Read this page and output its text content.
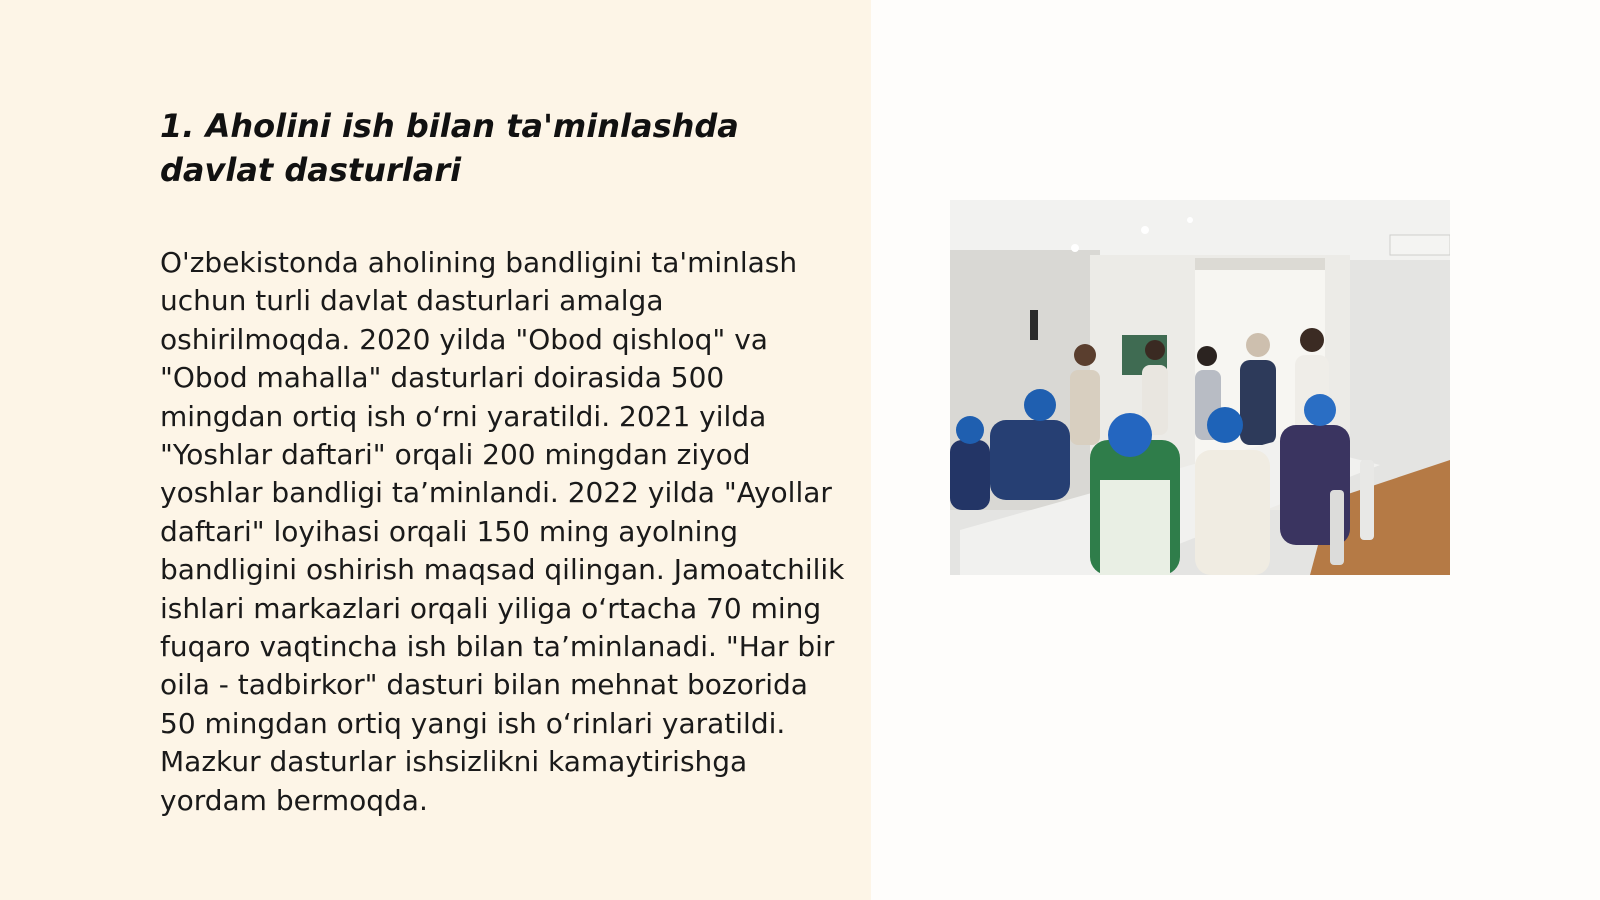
1. Aholini ish bilan ta'minlashda davlat dasturlari

O'zbekistonda aholining bandligini ta'minlash uchun turli davlat dasturlari amalga oshirilmoqda. 2020 yilda "Obod qishloq" va "Obod mahalla" dasturlari doirasida 500 mingdan ortiq ish o‘rni yaratildi. 2021 yilda "Yoshlar daftari" orqali 200 mingdan ziyod yoshlar bandligi ta’minlandi. 2022 yilda "Ayollar daftari" loyihasi orqali 150 ming ayolning bandligini oshirish maqsad qilingan. Jamoatchilik ishlari markazlari orqali yiliga o‘rtacha 70 ming fuqaro vaqtincha ish bilan ta’minlanadi. "Har bir oila - tadbirkor" dasturi bilan mehnat bozorida 50 mingdan ortiq yangi ish o‘rinlari yaratildi. Mazkur dasturlar ishsizlikni kamaytirishga yordam bermoqda.
